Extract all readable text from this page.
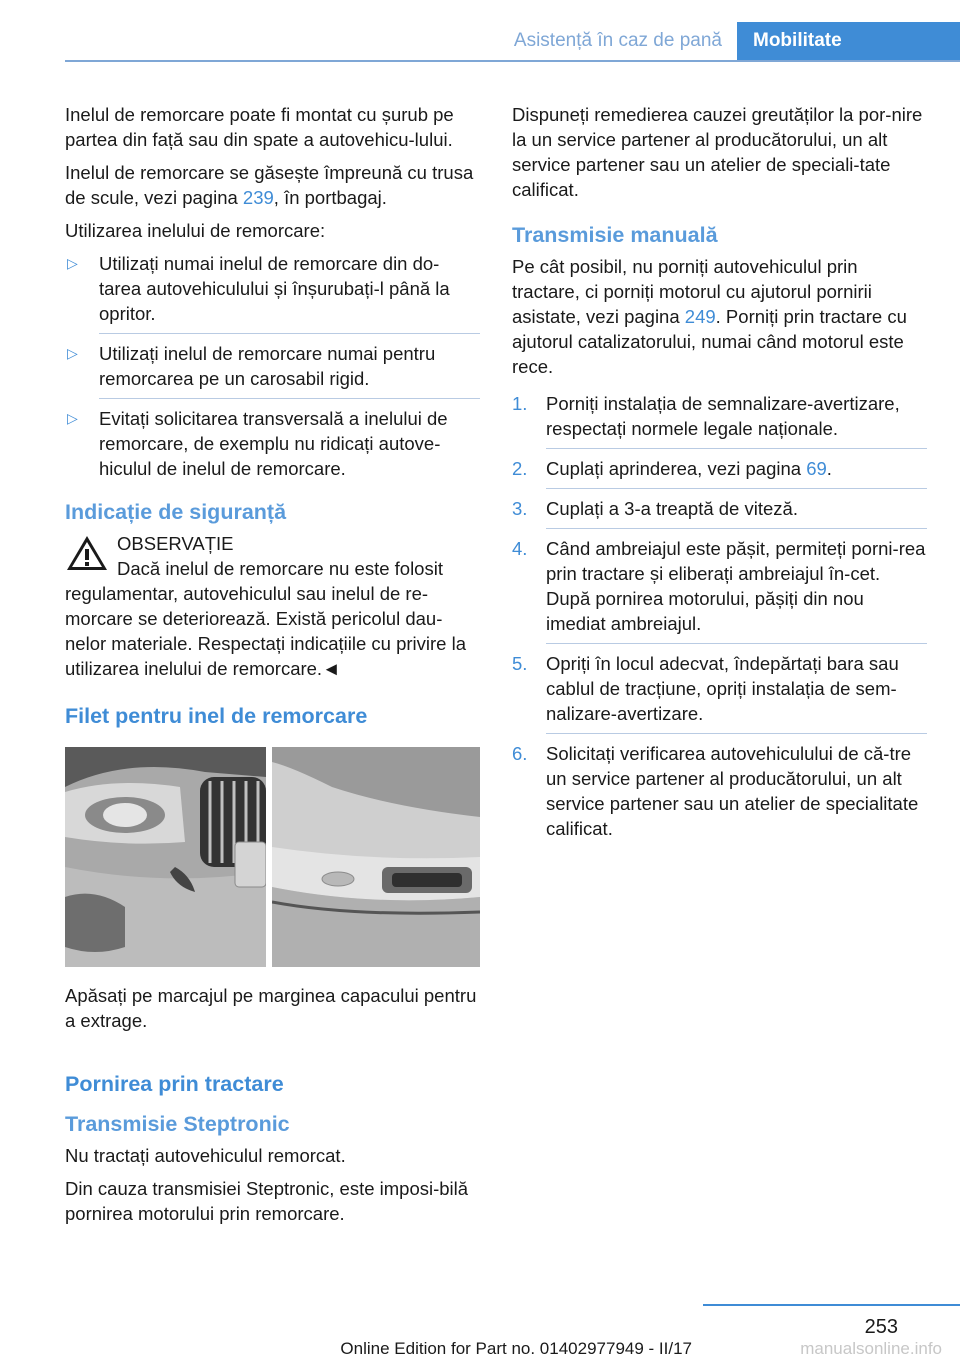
Asistență în caz de pană	Mobilitate

Inelul de remorcare poate fi montat cu șurub pe partea din față sau din spate a autovehicu-lului.

Inelul de remorcare se găsește împreună cu trusa de scule, vezi pagina 239, în portbagaj.

Utilizarea inelului de remorcare:

▷ Utilizați numai inelul de remorcare din do-tarea autovehiculului și înșurubați-l până la opritor.
▷ Utilizați inelul de remorcare numai pentru remorcarea pe un carosabil rigid.
▷ Evitați solicitarea transversală a inelului de remorcare, de exemplu nu ridicați autove-hiculul de inelul de remorcare.
Indicație de siguranță
OBSERVAȚIE
Dacă inelul de remorcare nu este folosit

regulamentar, autovehiculul sau inelul de re-morcare se deteriorează. Există pericolul dau-nelor materiale. Respectați indicațiile cu privire la utilizarea inelului de remorcare.◄

Filet pentru inel de remorcare

Apăsați pe marcajul pe marginea capacului pentru a extrage.

Pornirea prin tractare
Transmisie Steptronic

Nu tractați autovehiculul remorcat.

Din cauza transmisiei Steptronic, este imposi-bilă pornirea motorului prin remorcare.

Dispuneți remedierea cauzei greutăților la por-nire la un service partener al producătorului, un alt service partener sau un atelier de speciali-tate calificat.

Transmisie manuală

Pe cât posibil, nu porniți autovehiculul prin tractare, ci porniți motorul cu ajutorul pornirii asistate, vezi pagina 249. Porniți prin tractare cu ajutorul catalizatorului, numai când motorul este rece.

1. Porniți instalația de semnalizare-avertizare, respectați normele legale naționale.
2. Cuplați aprinderea, vezi pagina 69.
3. Cuplați a 3-a treaptă de viteză.
4. Când ambreiajul este pășit, permiteți porni-rea prin tractare și eliberați ambreiajul în-cet. După pornirea motorului, pășiți din nou imediat ambreiajul.
5. Opriți în locul adecvat, îndepărtați bara sau cablul de tracțiune, opriți instalația de sem-nalizare-avertizare.
6. Solicitați verificarea autovehiculului de că-tre un service partener al producătorului, un alt service partener sau un atelier de specialitate calificat.
253
Online Edition for Part no. 01402977949 - II/17	manualsonline.info
